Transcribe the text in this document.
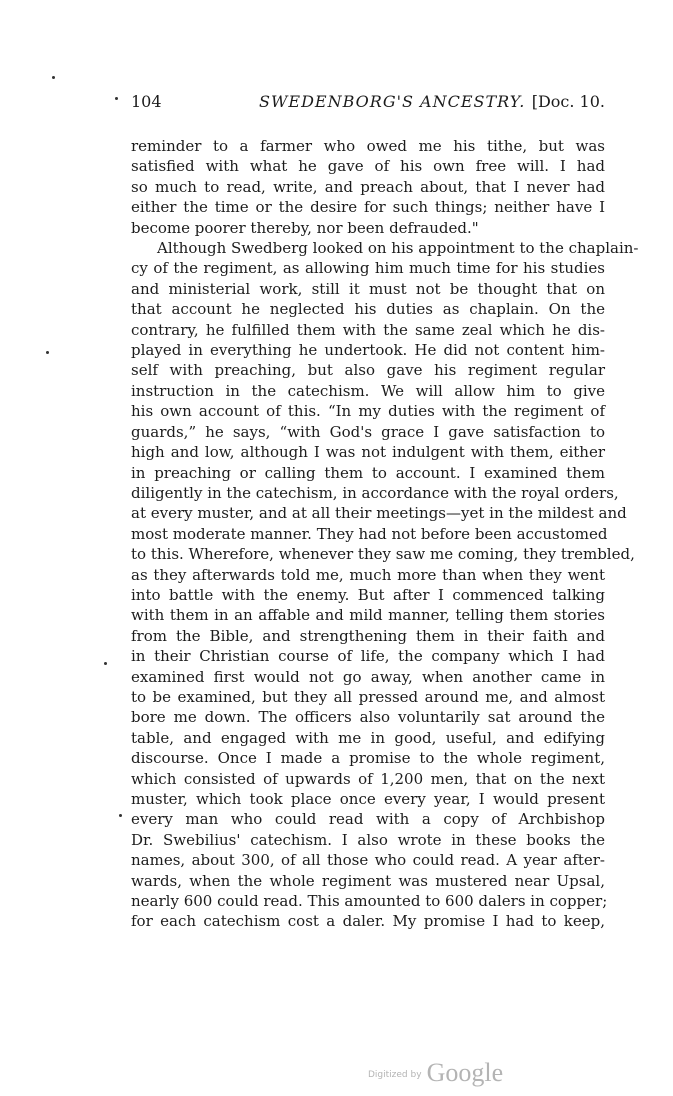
104	SWEDENBORG'S ANCESTRY. [Doc. 10.
reminder to a farmer who owed me his tithe, but was
satisfied with what he gave of his own free will. I had
so much to read, write, and preach about, that I never had
either the time or the desire for such things; neither have I
become poorer thereby, nor been defrauded."
Although Swedberg looked on his appointment to the chaplain-
cy of the regiment, as allowing him much time for his studies
and ministerial work, still it must not be thought that on
that account he neglected his duties as chaplain. On the
contrary, he fulfilled them with the same zeal which he dis-
played in everything he undertook. He did not content him-
self with preaching, but also gave his regiment regular
instruction in the catechism. We will allow him to give
his own account of this. “In my duties with the regiment of
guards,” he says, “with God's grace I gave satisfaction to
high and low, although I was not indulgent with them, either
in preaching or calling them to account. I examined them
diligently in the catechism, in accordance with the royal orders,
at every muster, and at all their meetings—yet in the mildest and
most moderate manner. They had not before been accustomed
to this. Wherefore, whenever they saw me coming, they trembled,
as they afterwards told me, much more than when they went
into battle with the enemy. But after I commenced talking
with them in an affable and mild manner, telling them stories
from the Bible, and strengthening them in their faith and
in their Christian course of life, the company which I had
examined first would not go away, when another came in
to be examined, but they all pressed around me, and almost
bore me down. The officers also voluntarily sat around the
table, and engaged with me in good, useful, and edifying
discourse. Once I made a promise to the whole regiment,
which consisted of upwards of 1,200 men, that on the next
muster, which took place once every year, I would present
every man who could read with a copy of Archbishop
Dr. Swebilius' catechism. I also wrote in these books the
names, about 300, of all those who could read. A year after-
wards, when the whole regiment was mustered near Upsal,
nearly 600 could read. This amounted to 600 dalers in copper;
for each catechism cost a daler. My promise I had to keep,
$^{Digitized by}$ Google
